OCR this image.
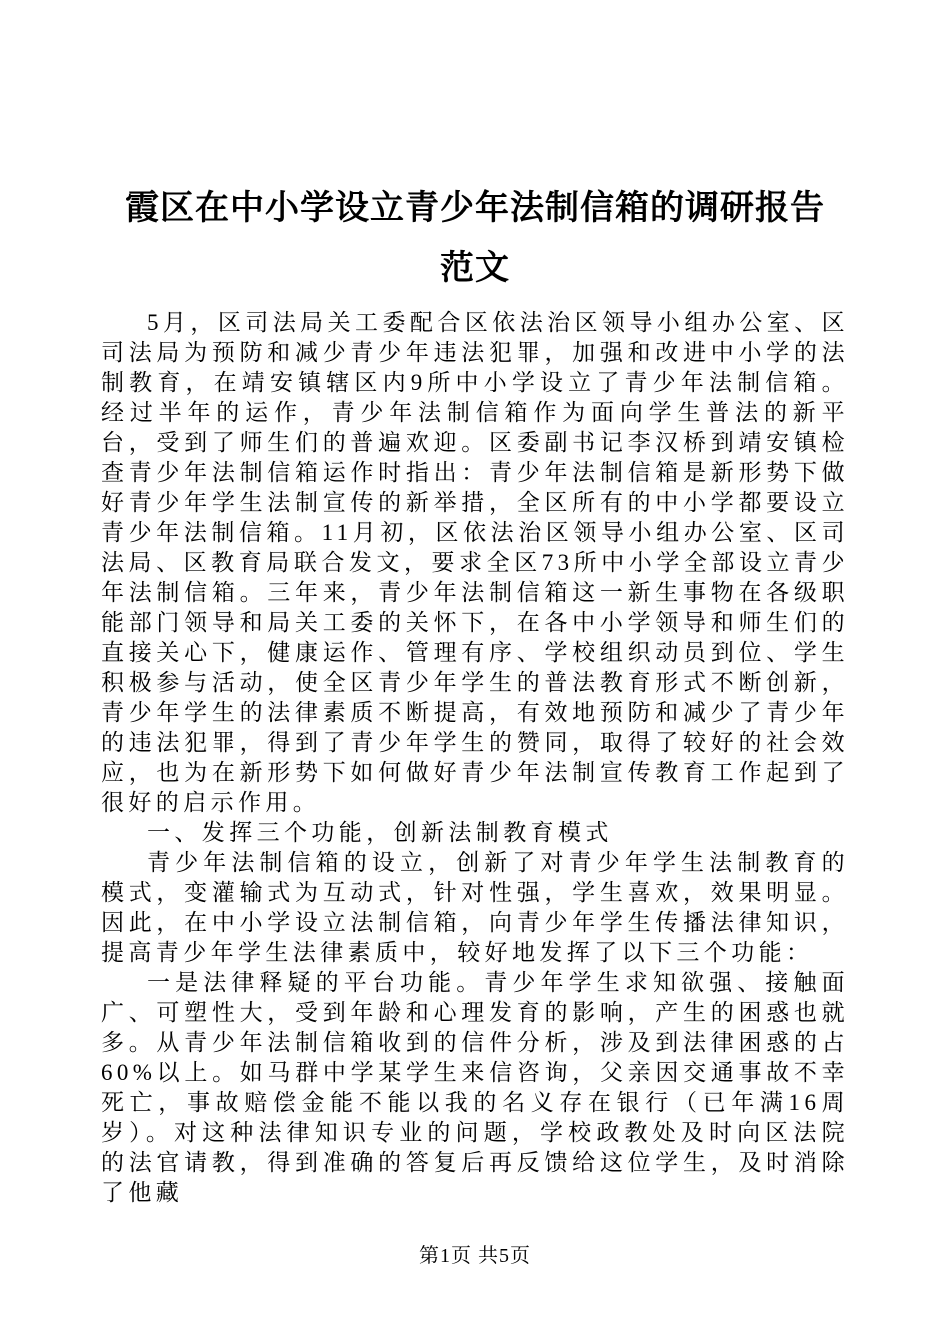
霞区在中小学设立青少年法制信箱的调研报告
范文

5月，区司法局关工委配合区依法治区领导小组办公室、区司法局为预防和减少青少年违法犯罪，加强和改进中小学的法制教育，在靖安镇辖区内9所中小学设立了青少年法制信箱。经过半年的运作，青少年法制信箱作为面向学生普法的新平台，受到了师生们的普遍欢迎。区委副书记李汉桥到靖安镇检查青少年法制信箱运作时指出：青少年法制信箱是新形势下做好青少年学生法制宣传的新举措，全区所有的中小学都要设立青少年法制信箱。11月初，区依法治区领导小组办公室、区司法局、区教育局联合发文，要求全区73所中小学全部设立青少年法制信箱。三年来，青少年法制信箱这一新生事物在各级职能部门领导和局关工委的关怀下，在各中小学领导和师生们的直接关心下，健康运作、管理有序、学校组织动员到位、学生积极参与活动，使全区青少年学生的普法教育形式不断创新，青少年学生的法律素质不断提高，有效地预防和减少了青少年的违法犯罪，得到了青少年学生的赞同，取得了较好的社会效应，也为在新形势下如何做好青少年法制宣传教育工作起到了很好的启示作用。

一、发挥三个功能，创新法制教育模式

青少年法制信箱的设立，创新了对青少年学生法制教育的模式，变灌输式为互动式，针对性强，学生喜欢，效果明显。因此，在中小学设立法制信箱，向青少年学生传播法律知识，提高青少年学生法律素质中，较好地发挥了以下三个功能：

一是法律释疑的平台功能。青少年学生求知欲强、接触面广、可塑性大，受到年龄和心理发育的影响，产生的困惑也就多。从青少年法制信箱收到的信件分析，涉及到法律困惑的占60%以上。如马群中学某学生来信咨询，父亲因交通事故不幸死亡，事故赔偿金能不能以我的名义存在银行（已年满16周岁）。对这种法律知识专业的问题，学校政教处及时向区法院的法官请教，得到准确的答复后再反馈给这位学生，及时消除了他藏

第1页 共5页
